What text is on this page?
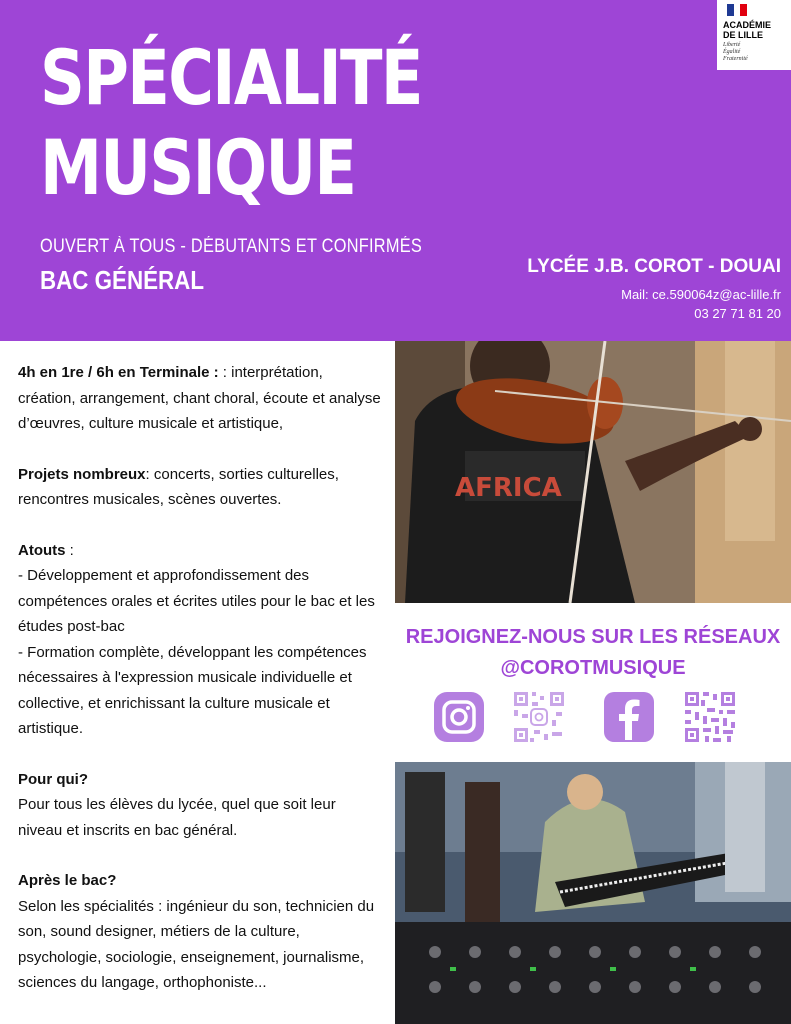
SPÉCIALITÉ
MUSIQUE
OUVERT À TOUS - DÉBUTANTS ET CONFIRMÉS
BAC GÉNÉRAL	LYCÉE J.B. COROT - DOUAI
Mail: ce.590064z@ac-lille.fr
03 27 71 81 20
ACADÉMIE
DE LILLE
Liberté
Égalité
Fraternité

4h en 1re / 6h en Terminale : : interprétation, création, arrangement, chant choral, écoute et analyse d’œuvres, culture musicale et artistique,

Projets nombreux: concerts, sorties culturelles, rencontres musicales, scènes ouvertes.

Atouts :
- Développement et approfondissement des compétences orales et écrites utiles pour le bac et les études post-bac
- Formation complète, développant les compétences nécessaires à l'expression musicale individuelle et collective, et enrichissant la culture musicale et artistique.

Pour qui?
Pour tous les élèves du lycée, quel que soit leur niveau et inscrits en bac général.

Après le bac?
Selon les spécialités : ingénieur du son, technicien du son, sound designer, métiers de la culture, psychologie, sociologie, enseignement, journalisme, sciences du langage, orthophoniste...

AFRICA
REJOIGNEZ-NOUS SUR LES RÉSEAUX
@COROTMUSIQUE
